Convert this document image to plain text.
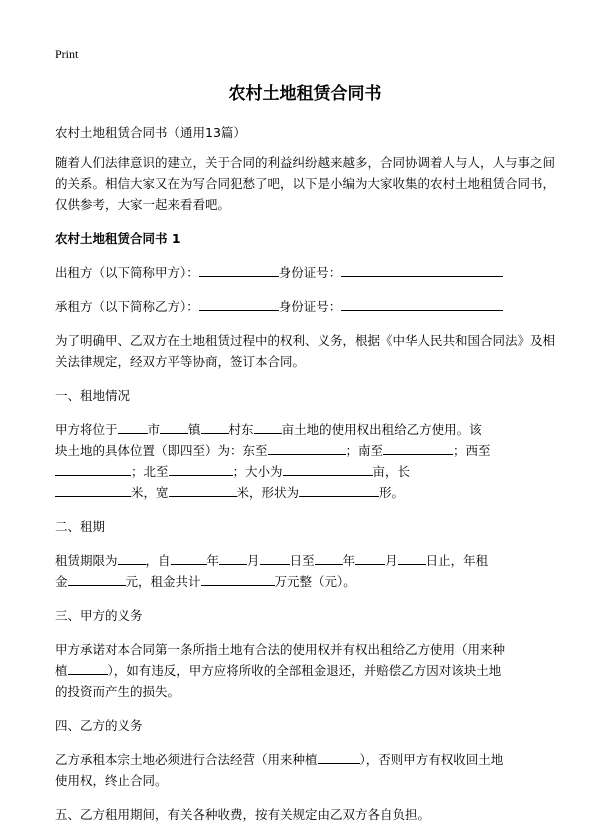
Print
农村土地租赁合同书

农村土地租赁合同书（通用13篇）

随着人们法律意识的建立，关于合同的利益纠纷越来越多，合同协调着人与人，人与事之间的关系。相信大家又在为写合同犯愁了吧，以下是小编为大家收集的农村土地租赁合同书，仅供参考，大家一起来看看吧。

农村土地租赁合同书 1

出租方（以下简称甲方）：	身份证号：

承租方（以下简称乙方）：	身份证号：

为了明确甲、乙双方在土地租赁过程中的权利、义务，根据《中华人民共和国合同法》及相关法律规定，经双方平等协商，签订本合同。

一、租地情况

甲方将位于 市 镇 村东 亩土地的使用权出租给乙方使用。该
块土地的具体位置（即四至）为：东至	；南至	；西至
；北至	；大小为	亩，长
米，宽	米，形状为	形。

二、租期

租赁期限为 ，自	年 月 日至 年 月 日止，年租
金	元，租金共计	万元整（元）。

三、甲方的义务

甲方承诺对本合同第一条所指土地有合法的使用权并有权出租给乙方使用（用来种
植	），如有违反，甲方应将所收的全部租金退还，并赔偿乙方因对该块土地
的投资而产生的损失。

四、乙方的义务

乙方承租本宗土地必须进行合法经营（用来种植	），否则甲方有权收回土地
使用权，终止合同。

五、乙方租用期间，有关各种收费，按有关规定由乙双方各自负担。
